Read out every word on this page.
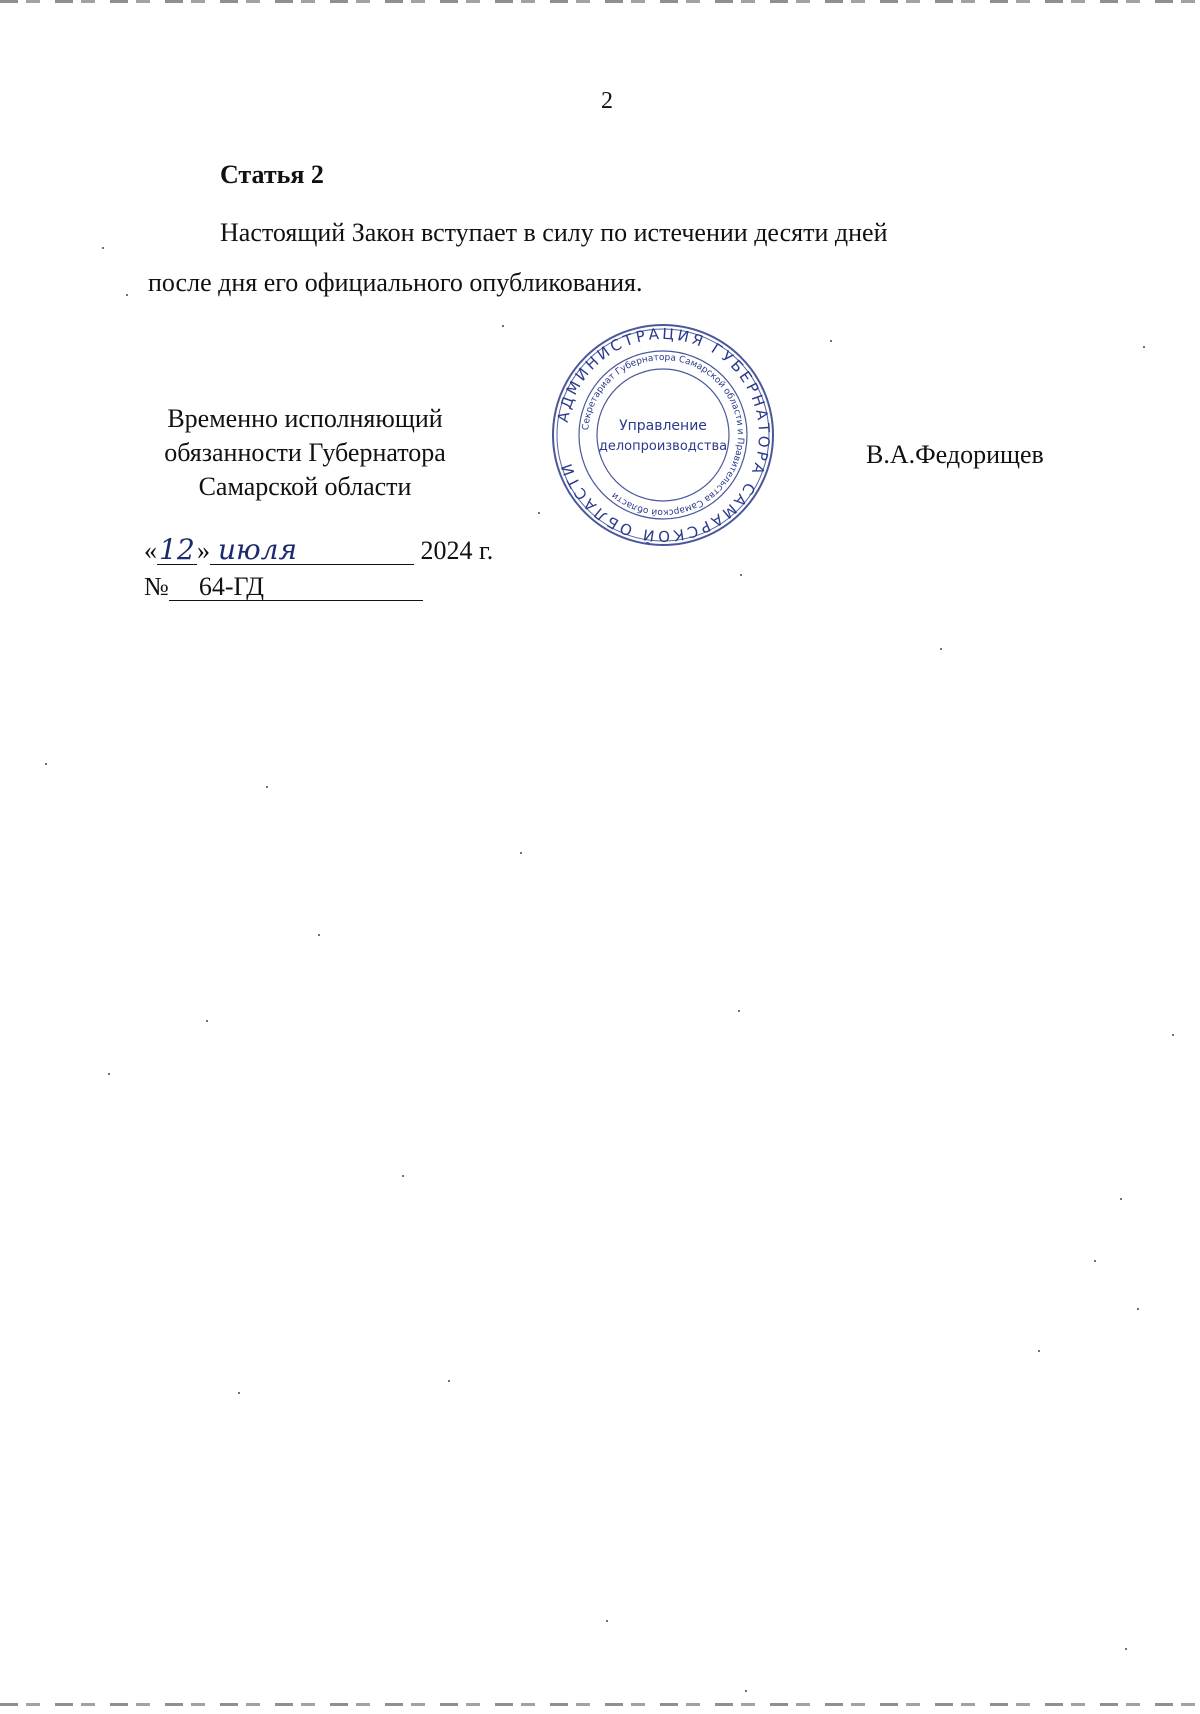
2
Статья 2

Настоящий Закон вступает в силу по истечении десяти дней
после дня его официального опубликования.

Временно исполняющий
обязанности Губернатора
Самарской области
АДМИНИСТРАЦИЯ ГУБЕРНАТОРА САМАРСКОЙ ОБЛАСТИ
Секретариат Губернатора Самарской области и Правительства Самарской области
Управление
делопроизводства	В.А.Федорищев
«12» июля	2024 г.
№ 64-ГД
